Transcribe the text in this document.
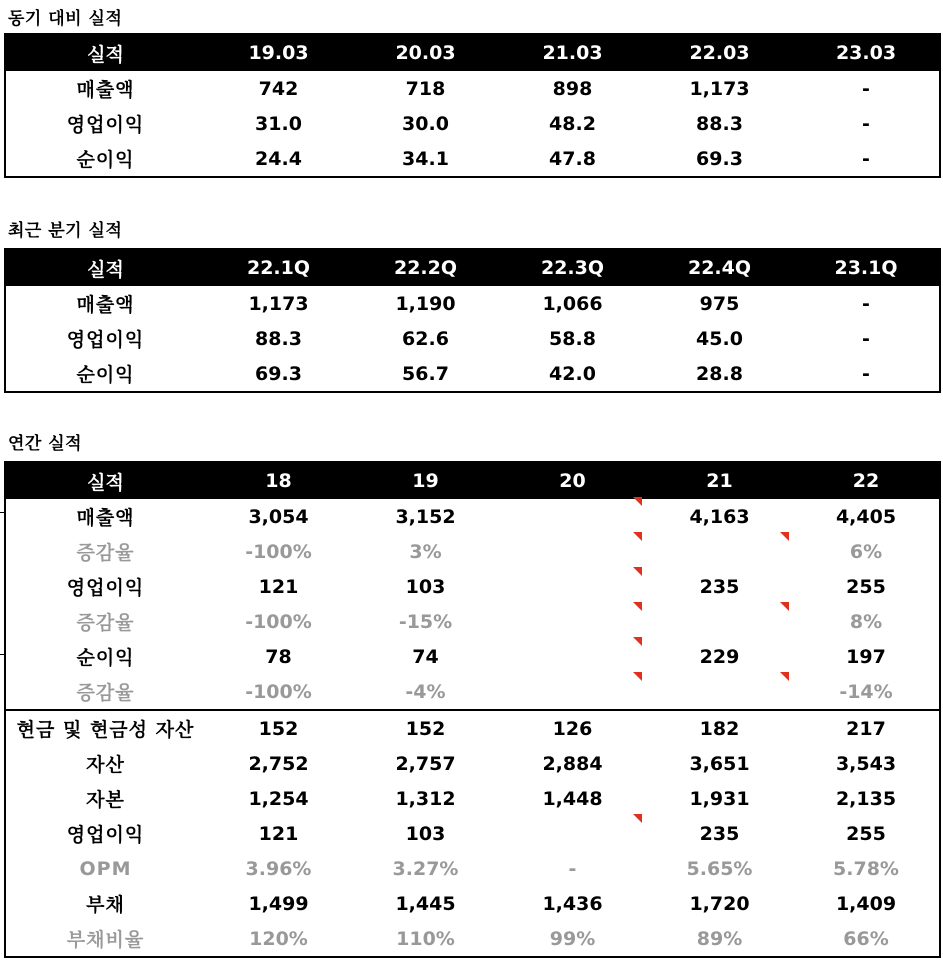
동기 대비 실적
실적	19.03	20.03	21.03	22.03	23.03
매출액	742	718	898	1,173	-
영업이익	31.0	30.0	48.2	88.3	-
순이익	24.4	34.1	47.8	69.3	-
최근 분기 실적
실적	22.1Q	22.2Q	22.3Q	22.4Q	23.1Q
매출액	1,173	1,190	1,066	975	-
영업이익	88.3	62.6	58.8	45.0	-
순이익	69.3	56.7	42.0	28.8	-
연간 실적
실적	18	19	20	21	22
매출액	3,054	3,152		4,163	4,405
증감율	-100%	3%			6%
영업이익	121	103		235	255
증감율	-100%	-15%			8%
순이익	78	74		229	197
증감율	-100%	-4%			-14%
현금 및 현금성 자산	152	152	126	182	217
자산	2,752	2,757	2,884	3,651	3,543
자본	1,254	1,312	1,448	1,931	2,135
영업이익	121	103		235	255
OPM	3.96%	3.27%	-	5.65%	5.78%
부채	1,499	1,445	1,436	1,720	1,409
부채비율	120%	110%	99%	89%	66%
